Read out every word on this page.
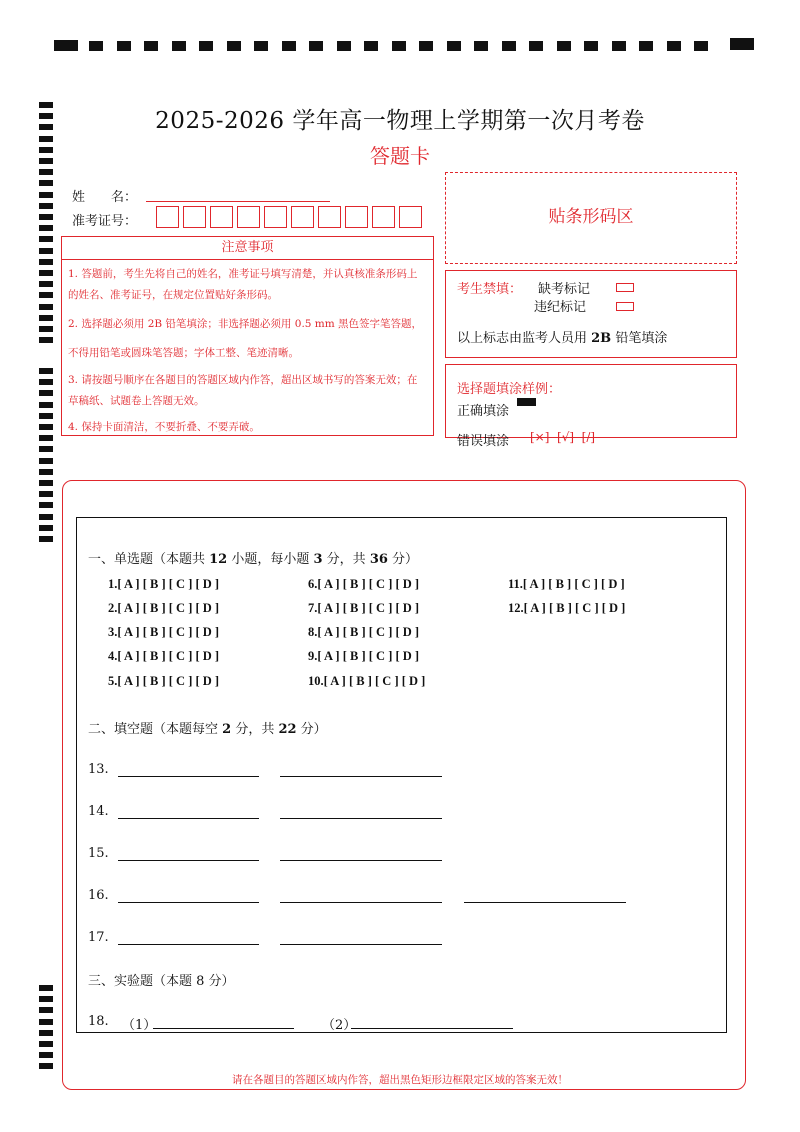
2025-2026 学年高一物理上学期第一次月考卷
答题卡
姓　　名：
准考证号：
注意事项
1. 答题前，考生先将自己的姓名，准考证号填写清楚，并认真核准条形码上的姓名、准考证号，在规定位置贴好条形码。
2. 选择题必须用 2B 铅笔填涂；非选择题必须用 0.5 mm 黑色签字笔答题，不得用铅笔或圆珠笔答题；字体工整、笔迹清晰。
3. 请按题号顺序在各题目的答题区域内作答，超出区域书写的答案无效；在草稿纸、试题卷上答题无效。
4. 保持卡面清洁，不要折叠、不要弄破。
贴条形码区
考生禁填： 缺考标记
违纪标记
以上标志由监考人员用 2B 铅笔填涂
选择题填涂样例：
正确填涂
错误填涂 [×]  [√]  [/]
一、单选题（本题共 12 小题，每小题 3 分，共 36 分）
1.[ A ] [ B ] [ C ] [ D ]
2.[ A ] [ B ] [ C ] [ D ]
3.[ A ] [ B ] [ C ] [ D ]
4.[ A ] [ B ] [ C ] [ D ]
5.[ A ] [ B ] [ C ] [ D ]
6.[ A ] [ B ] [ C ] [ D ]
7.[ A ] [ B ] [ C ] [ D ]
8.[ A ] [ B ] [ C ] [ D ]
9.[ A ] [ B ] [ C ] [ D ]
10.[ A ] [ B ] [ C ] [ D ]
11.[ A ] [ B ] [ C ] [ D ]
12.[ A ] [ B ] [ C ] [ D ]
二、填空题（本题每空 2 分，共 22 分）
13.
14.
15.
16.
17.
三、实验题（本题 8 分）
18. （1）	（2）
请在各题目的答题区域内作答，超出黑色矩形边框限定区域的答案无效！
